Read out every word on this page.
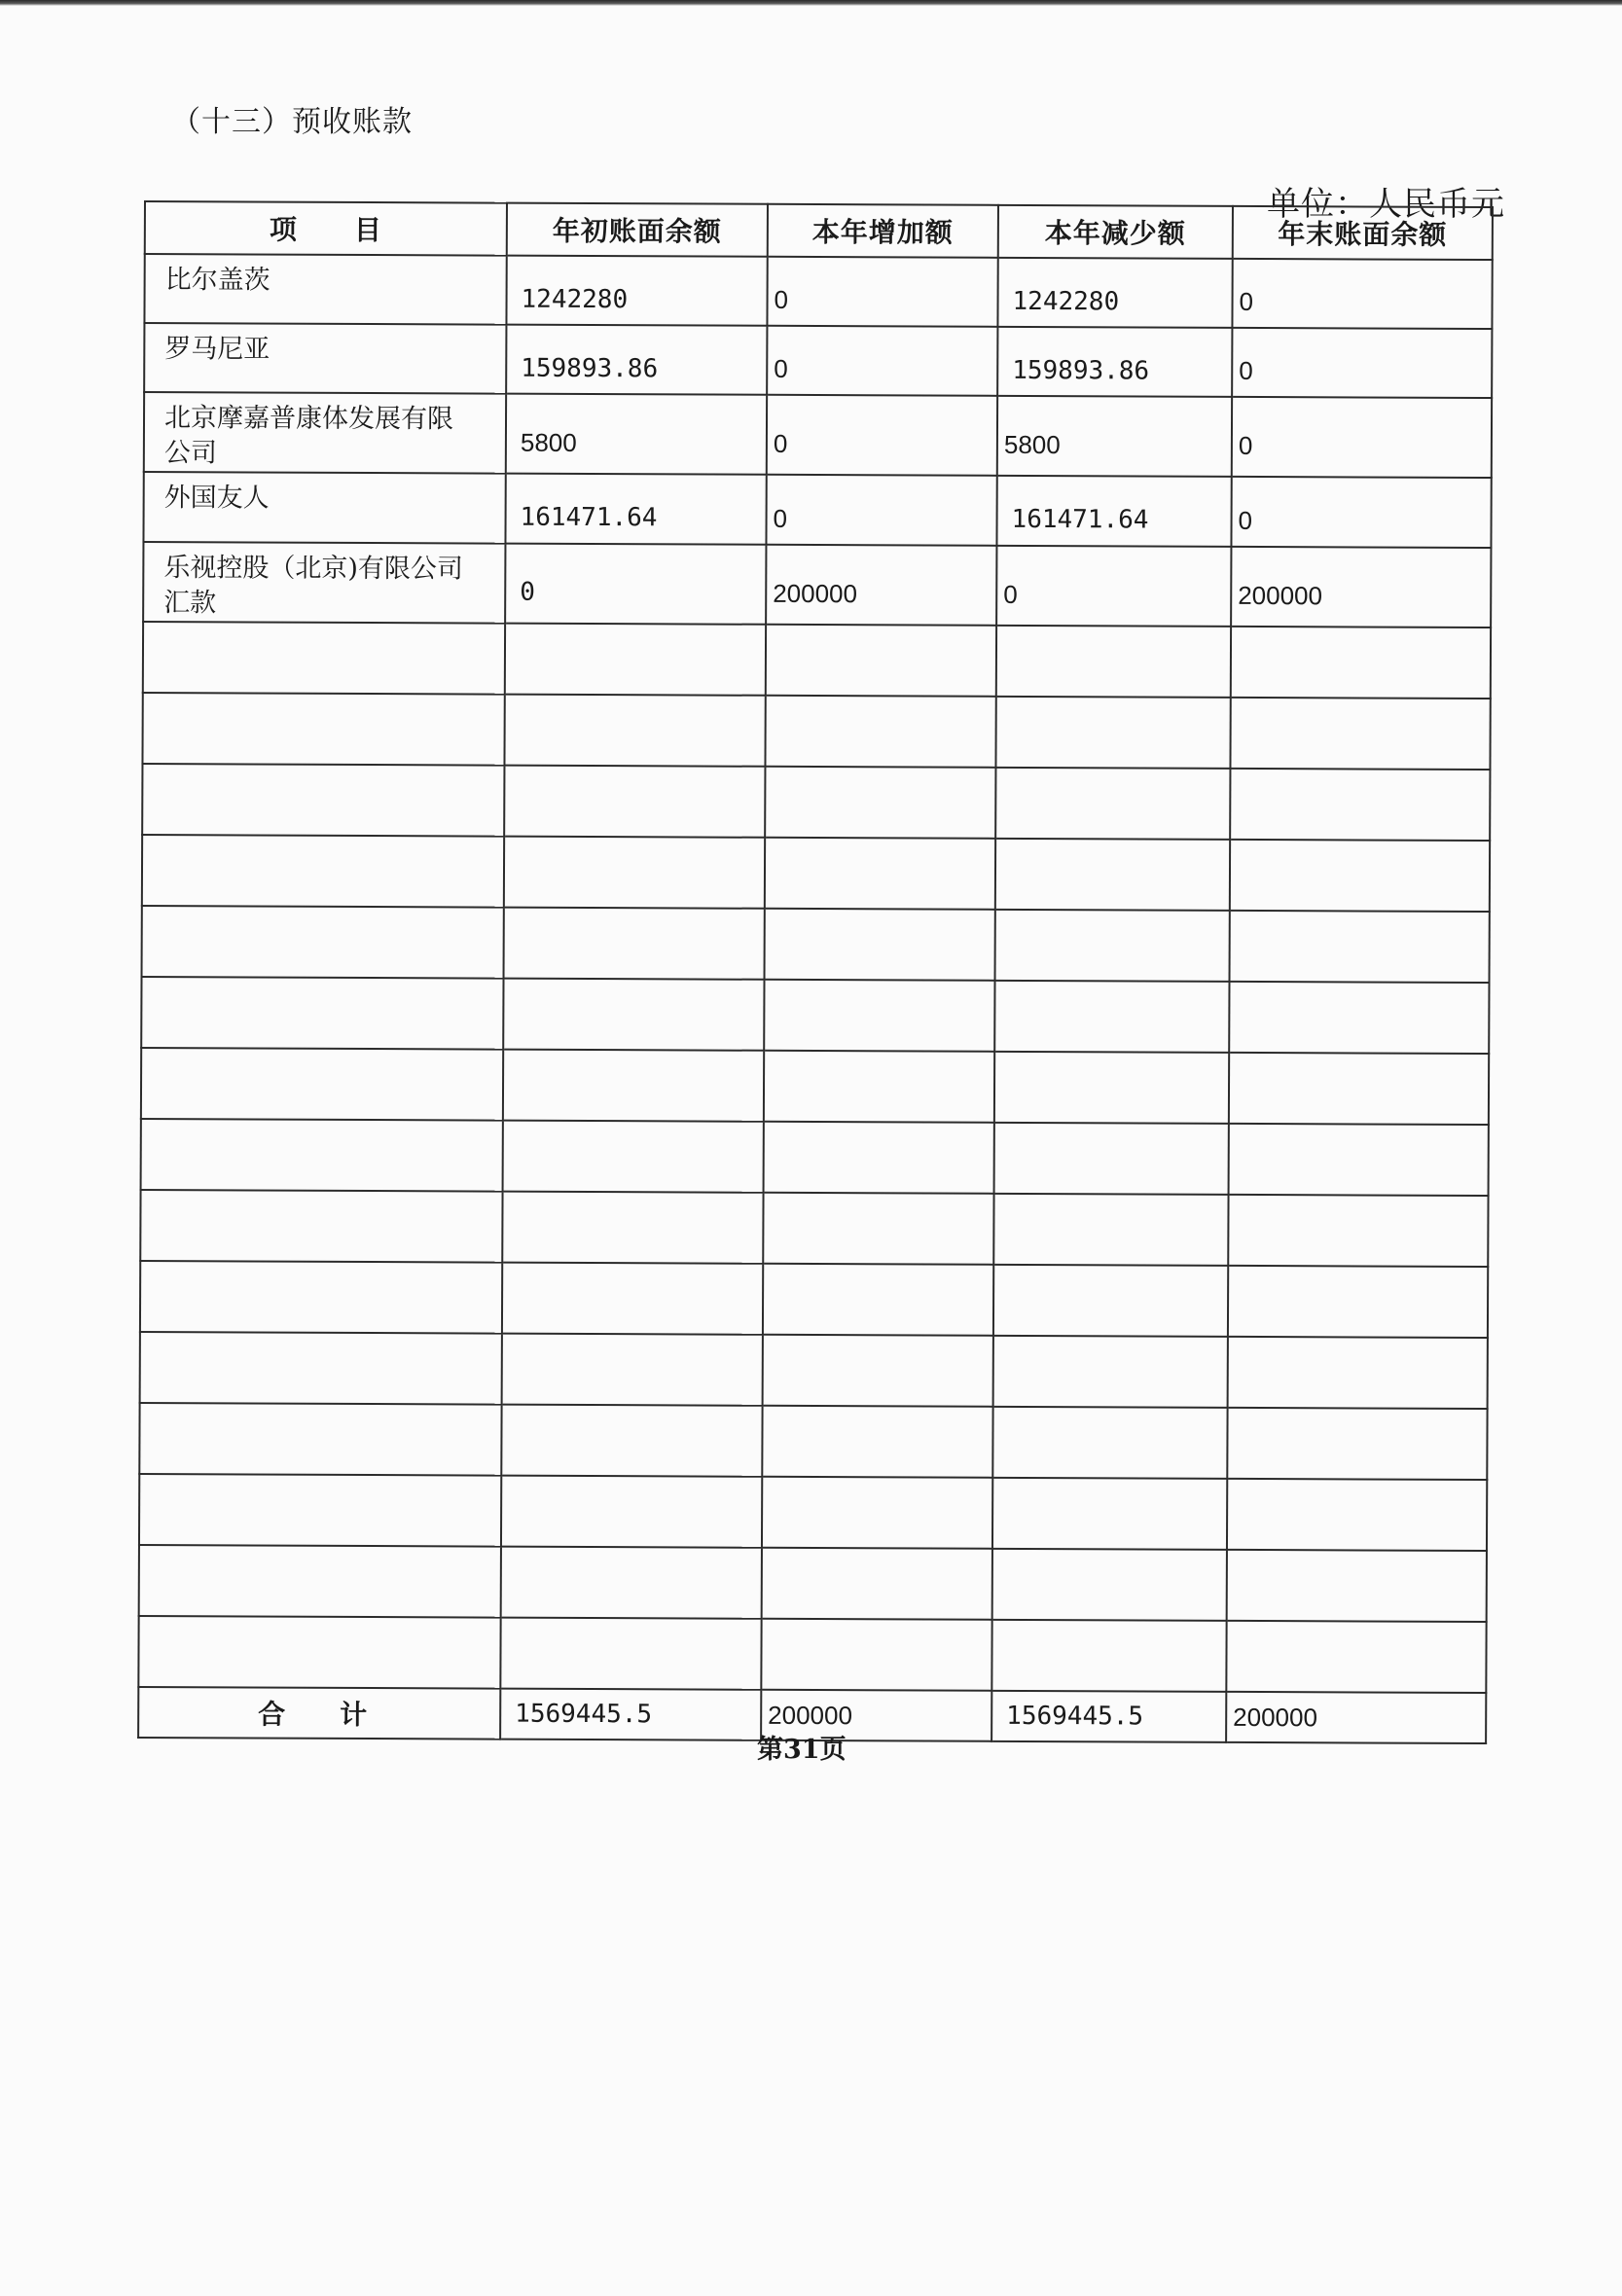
（十三）预收账款
单位：人民币元
项　　目	年初账面余额	本年增加额	本年减少额	年末账面余额
比尔盖茨	1242280	0	1242280	0
罗马尼亚	159893.86	0	159893.86	0
北京摩嘉普康体发展有限公司	5800	0	5800	0
外国友人	161471.64	0	161471.64	0
乐视控股（北京)有限公司汇款	0	200000	0	200000

合　计	1569445.5	200000	1569445.5	200000
第31页
